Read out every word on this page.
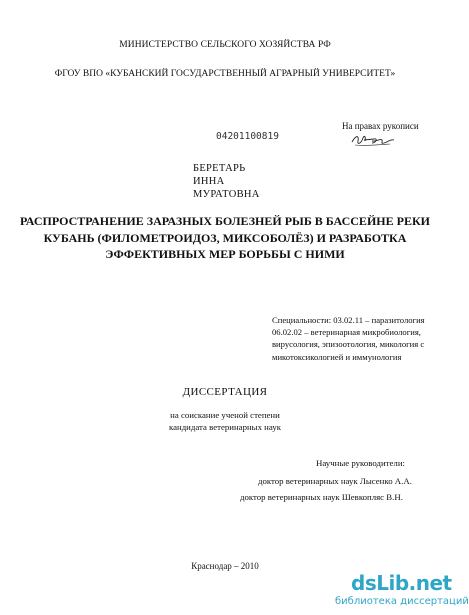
МИНИСТЕРСТВО СЕЛЬСКОГО ХОЗЯЙСТВА РФ
ФГОУ ВПО «КУБАНСКИЙ ГОСУДАРСТВЕННЫЙ АГРАРНЫЙ УНИВЕРСИТЕТ»
04201100819
На правах рукописи
БЕРЕТАРЬ
ИННА
МУРАТОВНА
РАСПРОСТРАНЕНИЕ ЗАРАЗНЫХ БОЛЕЗНЕЙ РЫБ В БАССЕЙНЕ РЕКИ КУБАНЬ (ФИЛОМЕТРОИДОЗ, МИКСОБОЛЁЗ) И РАЗРАБОТКА ЭФФЕКТИВНЫХ МЕР БОРЬБЫ С НИМИ
Специальности: 03.02.11 – паразитология
06.02.02 – ветеринарная микробиология,
вирусология, эпизоотология, микология с
микотоксикологией и иммунология
ДИССЕРТАЦИЯ
на соискание ученой степени
кандидата ветеринарных наук
Научные руководители:
доктор ветеринарных наук Лысенко А.А.
доктор ветеринарных наук Шевкопляс В.Н.
Краснодар – 2010
dsLib.net
библиотека диссертаций
